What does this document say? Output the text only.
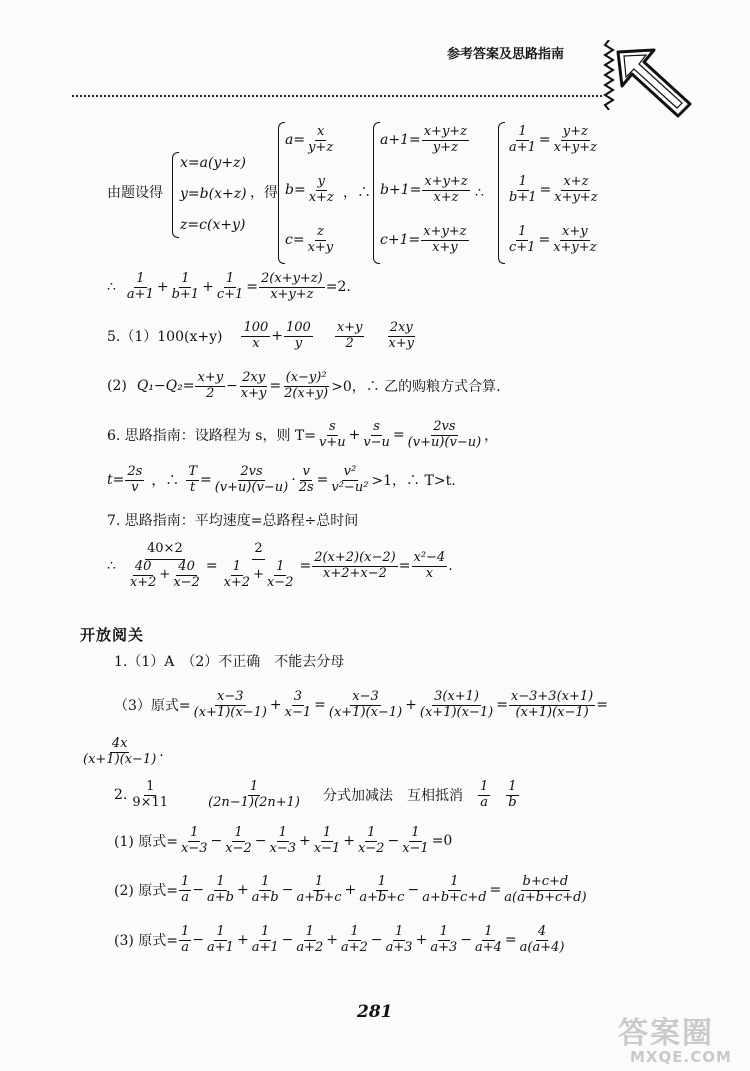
参考答案及思路指南
由题设得
x=a(y+z)
y=b(x+z)
z=c(x+y)
，得
$a= \frac{x}{y+z}$
$b= \frac{y}{x+z}$
$c= \frac{z}{x+y}$
，∴
$a+1= \frac{x+y+z}{y+z}$
$b+1= \frac{x+y+z}{x+z}$
$c+1= \frac{x+y+z}{x+y}$
∴
$\frac{1}{a+1} = \frac{y+z}{x+y+z}$
$\frac{1}{b+1} = \frac{x+z}{x+y+z}$
$\frac{1}{c+1} = \frac{x+y}{x+y+z}$
∴ $\frac{1}{a+1} + \frac{1}{b+1} + \frac{1}{c+1} = \frac{2(x+y+z)}{x+y+z} =2$.
$5.(1)100(x+y) \frac{100}{x} + \frac{100}{y} \frac{x+y}{2} \frac{2xy}{x+y}$
(2) $Q_1-Q_2= \frac{x+y}{2} - \frac{2xy}{x+y} = \frac{\text{(x−y)²}}{2(x+y)} >0$，∴ 乙的购粮方式合算.
6. 思路指南：设路程为 s，则 $T= \frac{s}{v+u} + \frac{s}{v-u} = \frac{2vs}{(v+u)(v-u)}$ ，
$t= \frac{2s}{v}$ ，∴ $\frac{T}{t} = \frac{2vs}{(v+u)(v-u)} \cdot \frac{v}{2s} = \frac{\text{v²}}{\text{v²−u²}} >1$，∴ T>t.
7. 思路指南：平均速度=总路程÷总时间
∴ $\frac{40\times 2}{\frac{40}{x+2} + \frac{40}{x-2}} = \frac{2}{\frac{1}{x+2} + \frac{1}{x-2}} = \frac{2(x+2)(x-2)}{x+2+x-2} = \frac{\text{x²−4}}{x}$ .
开放阅关
1.（1）A　（2）不正确　不能去分母
（3）原式= $\frac{x-3}{(x+1)(x-1)} + \frac{3}{x-1} = \frac{x-3}{(x+1)(x-1)} + \frac{3(x+1)}{(x+1)(x-1)} = \frac{x-3+3(x+1)}{(x+1)(x-1)}$ =
$\frac{4x}{(x+1)(x-1)}$ .
2. $\frac{1}{9\times 11}$	$\frac{1}{(2n-1)(2n+1)}$ 分式加减法　互相抵消 $\frac{1}{a} \frac{1}{b}$
(1) 原式= $\frac{1}{x-3} - \frac{1}{x-2} - \frac{1}{x-3} + \frac{1}{x-1} + \frac{1}{x-2} - \frac{1}{x-1} =0$
(2) 原式= $\frac{1}{a} - \frac{1}{a+b} + \frac{1}{a+b} - \frac{1}{a+b+c} + \frac{1}{a+b+c} - \frac{1}{a+b+c+d} = \frac{b+c+d}{a(a+b+c+d)}$
(3) 原式= $\frac{1}{a} - \frac{1}{a+1} + \frac{1}{a+1} - \frac{1}{a+2} + \frac{1}{a+2} - \frac{1}{a+3} + \frac{1}{a+3} - \frac{1}{a+4} = \frac{4}{a(a+4)}$
281
答案圈
MXQE.COM
